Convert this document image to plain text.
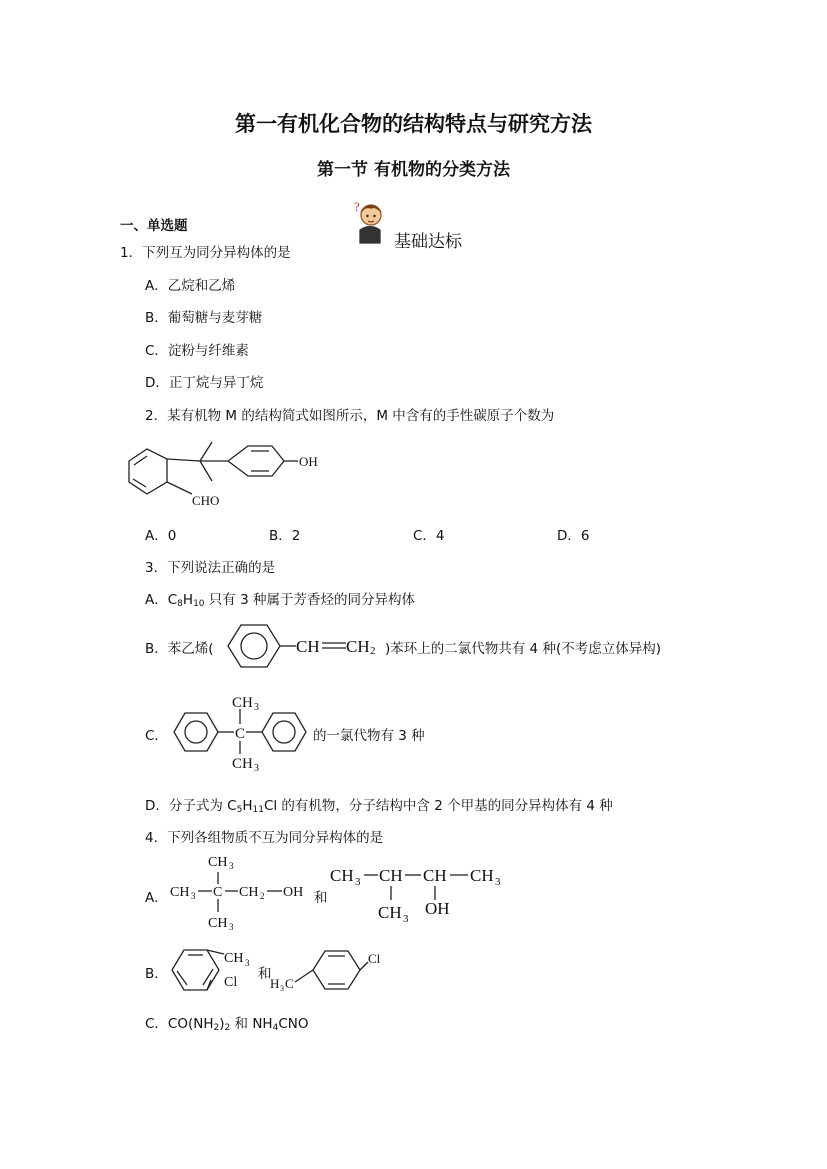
第一有机化合物的结构特点与研究方法
第一节 有机物的分类方法
一、单选题
?
基础达标
1．下列互为同分异构体的是
A．乙烷和乙烯
B．葡萄糖与麦芽糖
C．淀粉与纤维素
D．正丁烷与异丁烷
2．某有机物 M 的结构简式如图所示，M 中含有的手性碳原子个数为
OH
CHO
A．0	B．2	C．4	D．6
3．下列说法正确的是
A．$C_8H_{10}$ 只有 3 种属于芳香烃的同分异构体
B．苯乙烯(	CH CH 2 )苯环上的二氯代物共有 4 种(不考虑立体异构)
C．	C
CH 3
CH 3
的一氯代物有 3 种
D．分子式为 $C_5H_{11}Cl$ 的有机物，分子结构中含 2 个甲基的同分异构体有 4 种
4．下列各组物质不互为同分异构体的是
A．
CH 3
CH 3 C CH 2 OH
CH 3
和
CH 3 CH CH CH 3
CH 3
OH
B．
CH 3
Cl
和
H 3 C
Cl
C．$CO(NH_2)_2$ 和 $NH_4CNO$
